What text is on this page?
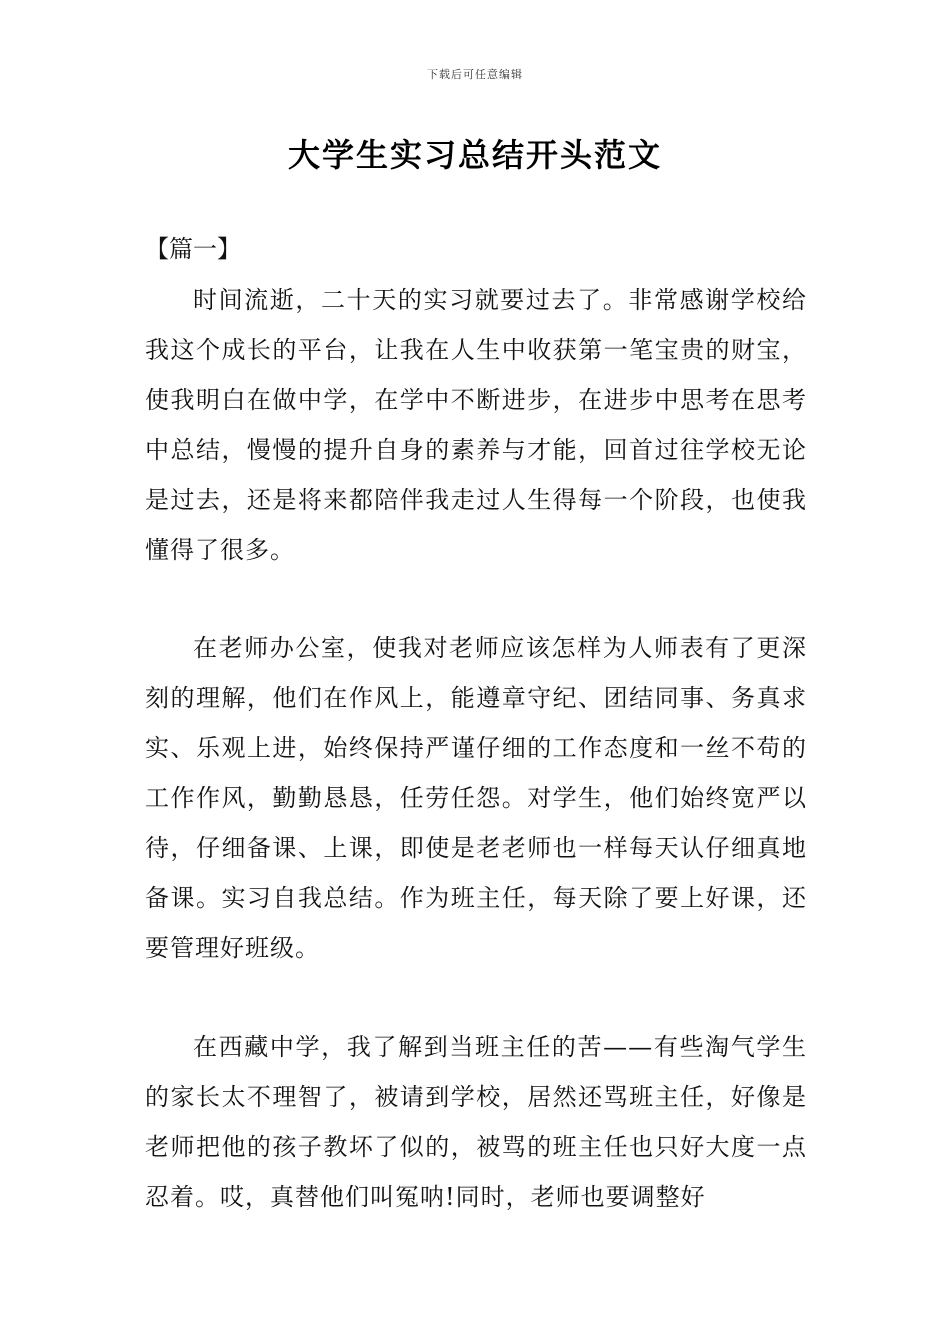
下载后可任意编辑
大学生实习总结开头范文
【篇一】

时间流逝，二十天的实习就要过去了。非常感谢学校给我这个成长的平台，让我在人生中收获第一笔宝贵的财宝，使我明白在做中学，在学中不断进步，在进步中思考在思考中总结，慢慢的提升自身的素养与才能，回首过往学校无论是过去，还是将来都陪伴我走过人生得每一个阶段，也使我懂得了很多。

在老师办公室，使我对老师应该怎样为人师表有了更深刻的理解，他们在作风上，能遵章守纪、团结同事、务真求实、乐观上进，始终保持严谨仔细的工作态度和一丝不苟的工作作风，勤勤恳恳，任劳任怨。对学生，他们始终宽严以待，仔细备课、上课，即使是老老师也一样每天认仔细真地备课。实习自我总结。作为班主任，每天除了要上好课，还要管理好班级。

在西藏中学，我了解到当班主任的苦——有些淘气学生的家长太不理智了，被请到学校，居然还骂班主任，好像是老师把他的孩子教坏了似的，被骂的班主任也只好大度一点忍着。哎，真替他们叫冤呐!同时，老师也要调整好
